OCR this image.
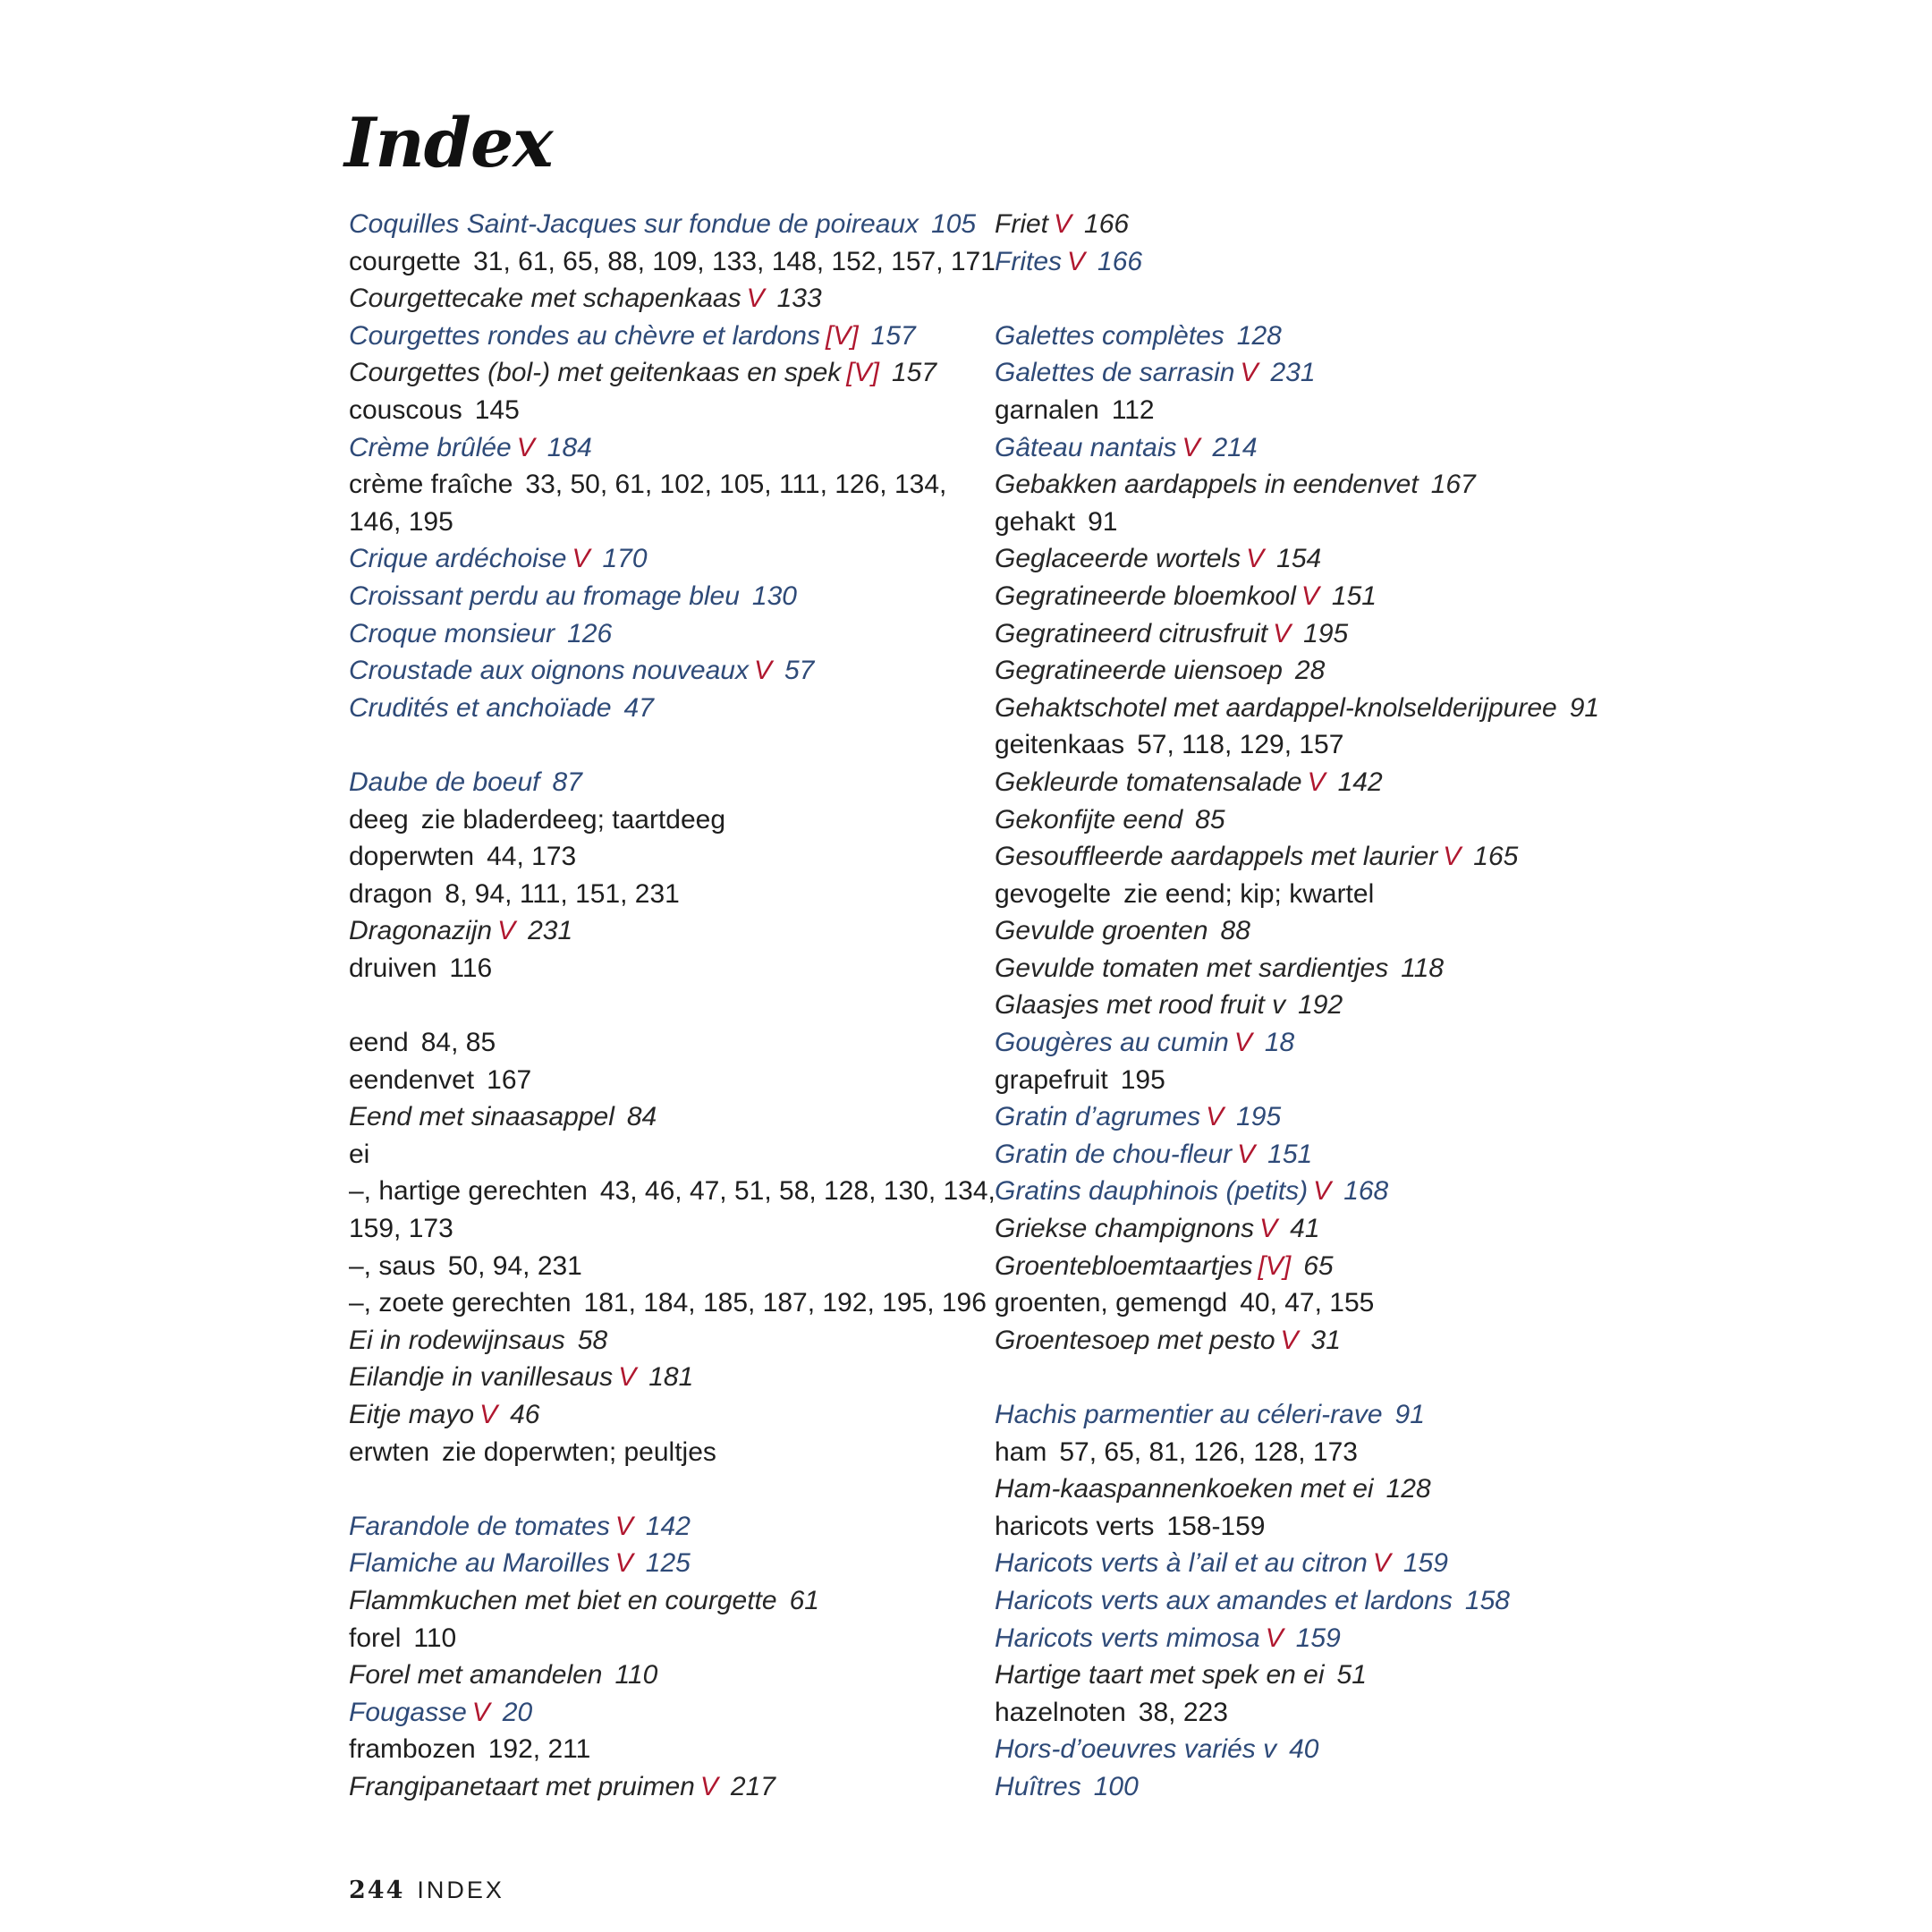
Index
Coquilles Saint-Jacques sur fondue de poireaux 105
courgette 31, 61, 65, 88, 109, 133, 148, 152, 157, 171
Courgettecake met schapenkaas V 133
Courgettes rondes au chèvre et lardons [V] 157
Courgettes (bol-) met geitenkaas en spek [V] 157
couscous 145
Crème brûlée V 184
crème fraîche 33, 50, 61, 102, 105, 111, 126, 134,
146, 195
Crique ardéchoise V 170
Croissant perdu au fromage bleu 130
Croque monsieur 126
Croustade aux oignons nouveaux V 57
Crudités et anchoïade 47
Daube de boeuf 87
deeg zie bladerdeeg; taartdeeg
doperwten 44, 173
dragon 8, 94, 111, 151, 231
Dragonazijn V 231
druiven 116
eend 84, 85
eendenvet 167
Eend met sinaasappel 84
ei
–, hartige gerechten 43, 46, 47, 51, 58, 128, 130, 134,
159, 173
–, saus 50, 94, 231
–, zoete gerechten 181, 184, 185, 187, 192, 195, 196
Ei in rodewijnsaus 58
Eilandje in vanillesaus V 181
Eitje mayo V 46
erwten zie doperwten; peultjes
Farandole de tomates V 142
Flamiche au Maroilles V 125
Flammkuchen met biet en courgette 61
forel 110
Forel met amandelen 110
Fougasse V 20
frambozen 192, 211
Frangipanetaart met pruimen V 217
Friet V 166
Frites V 166
Galettes complètes 128
Galettes de sarrasin V 231
garnalen 112
Gâteau nantais V 214
Gebakken aardappels in eendenvet 167
gehakt 91
Geglaceerde wortels V 154
Gegratineerde bloemkool V 151
Gegratineerd citrusfruit V 195
Gegratineerde uiensoep 28
Gehaktschotel met aardappel-knolselderijpuree 91
geitenkaas 57, 118, 129, 157
Gekleurde tomatensalade V 142
Gekonfijte eend 85
Gesouffleerde aardappels met laurier V 165
gevogelte zie eend; kip; kwartel
Gevulde groenten 88
Gevulde tomaten met sardientjes 118
Glaasjes met rood fruit v 192
Gougères au cumin V 18
grapefruit 195
Gratin d’agrumes V 195
Gratin de chou-fleur V 151
Gratins dauphinois (petits) V 168
Griekse champignons V 41
Groentebloemtaartjes [V] 65
groenten, gemengd 40, 47, 155
Groentesoep met pesto V 31
Hachis parmentier au céleri-rave 91
ham 57, 65, 81, 126, 128, 173
Ham-kaaspannenkoeken met ei 128
haricots verts 158-159
Haricots verts à l’ail et au citron V 159
Haricots verts aux amandes et lardons 158
Haricots verts mimosa V 159
Hartige taart met spek en ei 51
hazelnoten 38, 223
Hors-d’oeuvres variés v 40
Huîtres 100
244 INDEX
